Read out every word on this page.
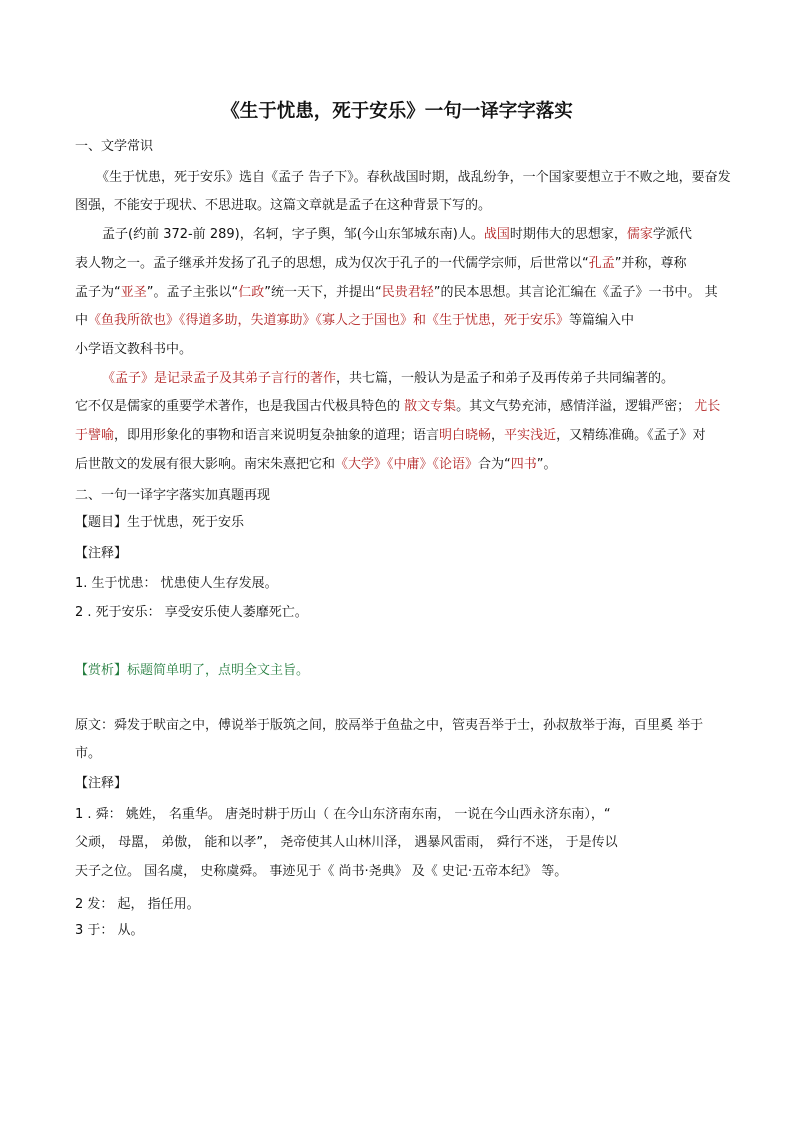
《生于忧患，死于安乐》一句一译字字落实
一、文学常识
《生于忧患，死于安乐》选自《孟子 告子下》。春秋战国时期，战乱纷争，一个国家要想立于不败之地，要奋发
图强，不能安于现状、不思进取。这篇文章就是孟子在这种背景下写的。
孟子(约前 372-前 289)，名轲，字子舆，邹(今山东邹城东南)人。战国时期伟大的思想家，儒家学派代
表人物之一。孟子继承并发扬了孔子的思想，成为仅次于孔子的一代儒学宗师，后世常以“孔孟”并称，尊称
孟子为“亚圣”。孟子主张以“仁政”统一天下，并提出“民贵君轻”的民本思想。其言论汇编在《孟子》一书中。 其
中《鱼我所欲也》《得道多助，失道寡助》《寡人之于国也》和《生于忧患，死于安乐》等篇编入中
小学语文教科书中。
《孟子》是记录孟子及其弟子言行的著作，共七篇，一般认为是孟子和弟子及再传弟子共同编著的。
它不仅是儒家的重要学术著作，也是我国古代极具特色的 散文专集。其文气势充沛，感情洋溢，逻辑严密； 尤长
于譬喻，即用形象化的事物和语言来说明复杂抽象的道理；语言明白晓畅，平实浅近，又精练准确。《孟子》对
后世散文的发展有很大影响。南宋朱熹把它和《大学》《中庸》《论语》合为“四书”。
二、一句一译字字落实加真题再现
【题目】生于忧患，死于安乐
【注释】
1. 生于忧患： 忧患使人生存发展。
2 . 死于安乐： 享受安乐使人萎靡死亡。
【赏析】标题简单明了，点明全文主旨。
原文：舜发于畎亩之中，傅说举于版筑之间，胶鬲举于鱼盐之中，管夷吾举于士，孙叔敖举于海，百里奚 举于
市。
【注释】
1 . 舜： 姚姓， 名重华。 唐尧时耕于历山（ 在今山东济南东南， 一说在今山西永济东南），“
父顽， 母嚚， 弟傲， 能和以孝”， 尧帝使其人山林川泽， 遇暴风雷雨， 舜行不迷， 于是传以
天子之位。 国名虞， 史称虞舜。 事迹见于《 尚书·尧典》 及《 史记·五帝本纪》 等。
2 发： 起， 指任用。
3 于： 从。
